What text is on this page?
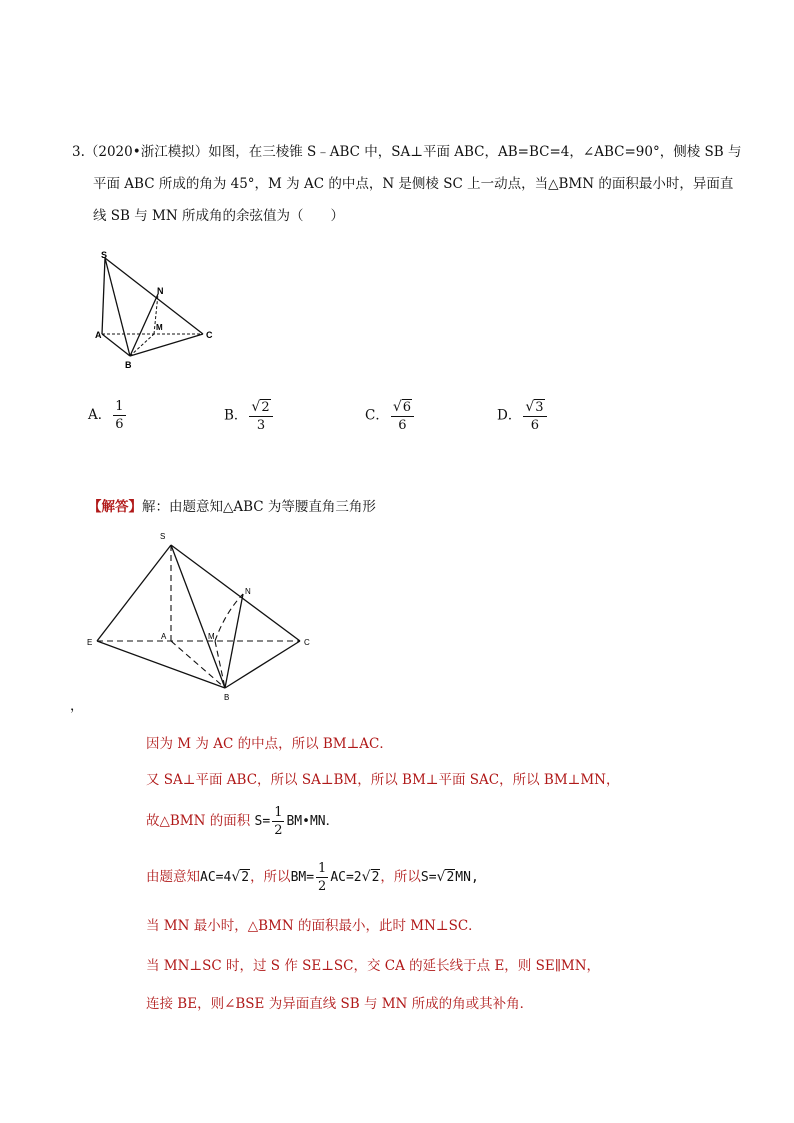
3.（2020•浙江模拟）如图，在三棱锥 S﹣ABC 中，SA⊥平面 ABC，AB=BC=4，∠ABC=90°，侧棱 SB 与
平面 ABC 所成的角为 45°，M 为 AC 的中点，N 是侧棱 SC 上一动点，当△BMN 的面积最小时，异面直
线 SB 与 MN 所成角的余弦值为（　　）
S
N
M
A
B
C
A． $\frac{1}{6}$	B． $\frac{√2}{3}$	C． $\frac{√6}{6}$	D． $\frac{√3}{6}$
【解答】解：由题意知△ABC 为等腰直角三角形
S
N
E
A	M
C
B
，
因为 M 为 AC 的中点，所以 BM⊥AC．
又 SA⊥平面 ABC，所以 SA⊥BM，所以 BM⊥平面 SAC，所以 BM⊥MN，
故△BMN 的面积 $S= \frac{1}{2}$ BM•MN．
由题意知AC=4√2，所以$BM= \frac{1}{2} AC=2√2$，所以S=√2MN,
当 MN 最小时，△BMN 的面积最小，此时 MN⊥SC．
当 MN⊥SC 时，过 S 作 SE⊥SC，交 CA 的延长线于点 E，则 SE∥MN，
连接 BE，则∠BSE 为异面直线 SB 与 MN 所成的角或其补角．
